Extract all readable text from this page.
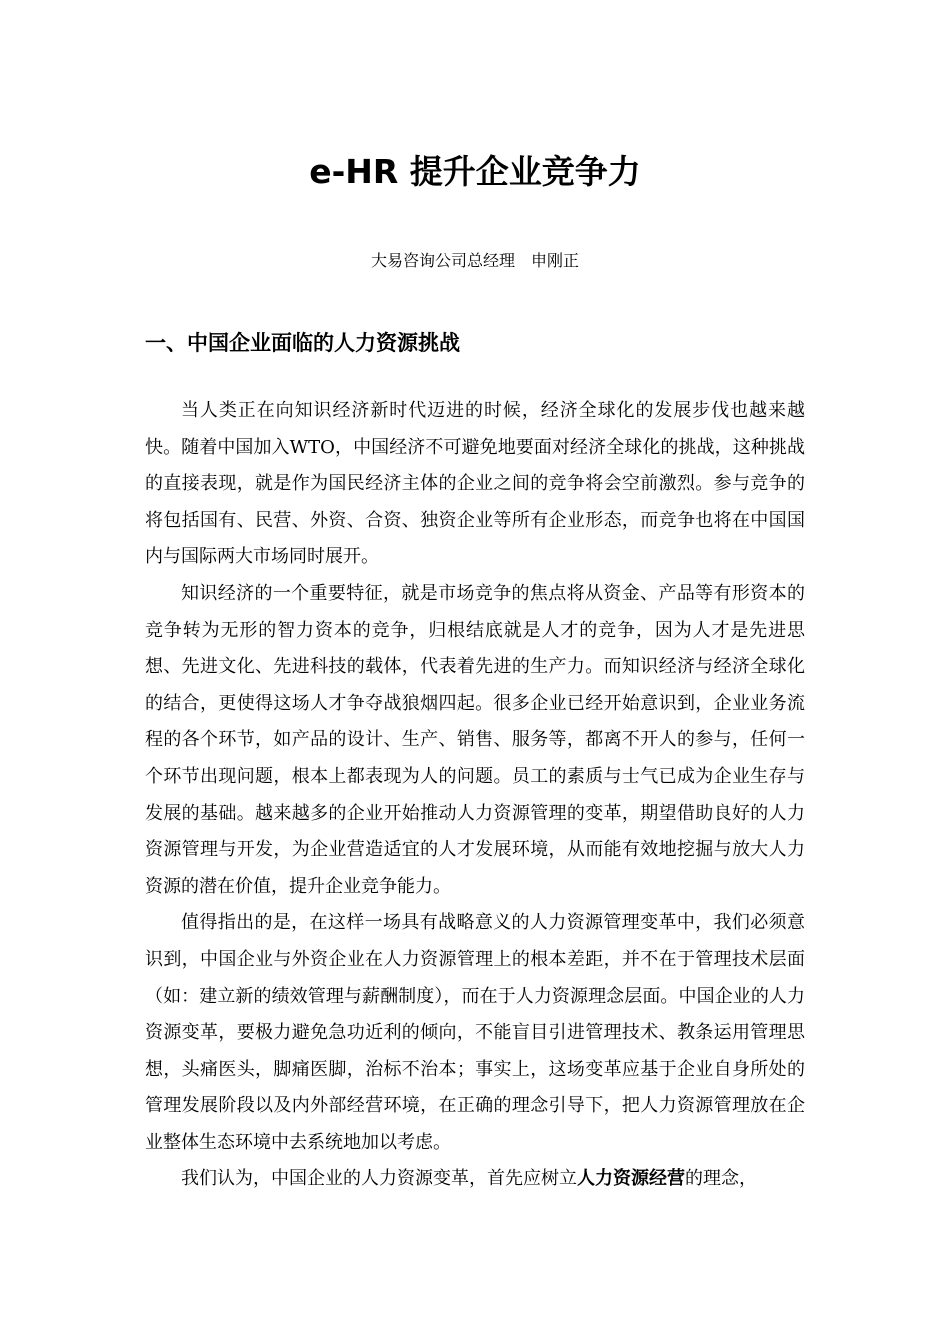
e-HR 提升企业竞争力
大易咨询公司总经理　申刚正
一、中国企业面临的人力资源挑战

当人类正在向知识经济新时代迈进的时候，经济全球化的发展步伐也越来越快。随着中国加入WTO，中国经济不可避免地要面对经济全球化的挑战，这种挑战的直接表现，就是作为国民经济主体的企业之间的竞争将会空前激烈。参与竞争的将包括国有、民营、外资、合资、独资企业等所有企业形态，而竞争也将在中国国内与国际两大市场同时展开。

知识经济的一个重要特征，就是市场竞争的焦点将从资金、产品等有形资本的竞争转为无形的智力资本的竞争，归根结底就是人才的竞争，因为人才是先进思想、先进文化、先进科技的载体，代表着先进的生产力。而知识经济与经济全球化的结合，更使得这场人才争夺战狼烟四起。很多企业已经开始意识到，企业业务流程的各个环节，如产品的设计、生产、销售、服务等，都离不开人的参与，任何一个环节出现问题，根本上都表现为人的问题。员工的素质与士气已成为企业生存与发展的基础。越来越多的企业开始推动人力资源管理的变革，期望借助良好的人力资源管理与开发，为企业营造适宜的人才发展环境，从而能有效地挖掘与放大人力资源的潜在价值，提升企业竞争能力。

值得指出的是，在这样一场具有战略意义的人力资源管理变革中，我们必须意识到，中国企业与外资企业在人力资源管理上的根本差距，并不在于管理技术层面（如：建立新的绩效管理与薪酬制度），而在于人力资源理念层面。中国企业的人力资源变革，要极力避免急功近利的倾向，不能盲目引进管理技术、教条运用管理思想，头痛医头，脚痛医脚，治标不治本；事实上，这场变革应基于企业自身所处的管理发展阶段以及内外部经营环境，在正确的理念引导下，把人力资源管理放在企业整体生态环境中去系统地加以考虑。

我们认为，中国企业的人力资源变革，首先应树立人力资源经营的理念，
